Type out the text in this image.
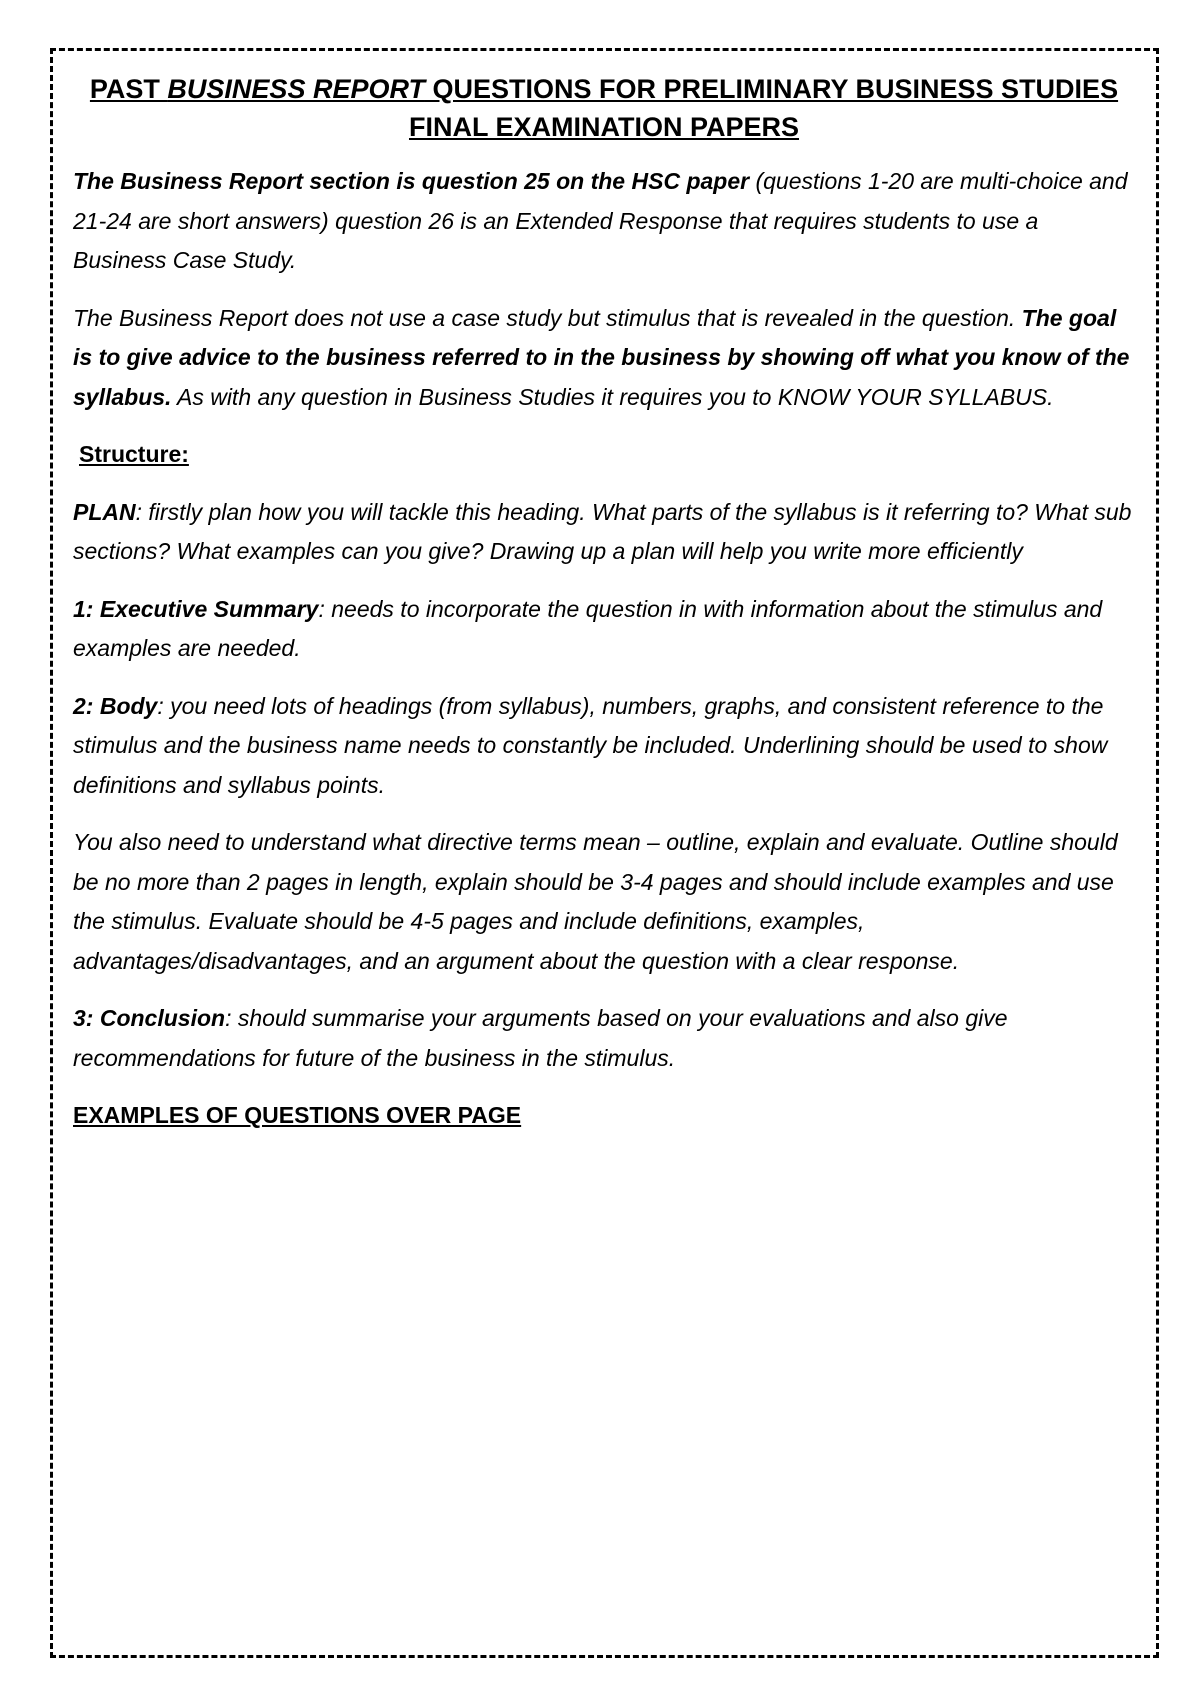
PAST BUSINESS REPORT QUESTIONS FOR PRELIMINARY BUSINESS STUDIES FINAL EXAMINATION PAPERS

The Business Report section is question 25 on the HSC paper (questions 1-20 are multi-choice and 21-24 are short answers) question 26 is an Extended Response that requires students to use a Business Case Study.

The Business Report does not use a case study but stimulus that is revealed in the question. The goal is to give advice to the business referred to in the business by showing off what you know of the syllabus. As with any question in Business Studies it requires you to KNOW YOUR SYLLABUS.

Structure:

PLAN: firstly plan how you will tackle this heading. What parts of the syllabus is it referring to? What sub sections? What examples can you give? Drawing up a plan will help you write more efficiently

1: Executive Summary: needs to incorporate the question in with information about the stimulus and examples are needed.

2: Body: you need lots of headings (from syllabus), numbers, graphs, and consistent reference to the stimulus and the business name needs to constantly be included. Underlining should be used to show definitions and syllabus points.

You also need to understand what directive terms mean – outline, explain and evaluate. Outline should be no more than 2 pages in length, explain should be 3-4 pages and should include examples and use the stimulus. Evaluate should be 4-5 pages and include definitions, examples, advantages/disadvantages, and an argument about the question with a clear response.

3: Conclusion: should summarise your arguments based on your evaluations and also give recommendations for future of the business in the stimulus.

EXAMPLES OF QUESTIONS OVER PAGE
